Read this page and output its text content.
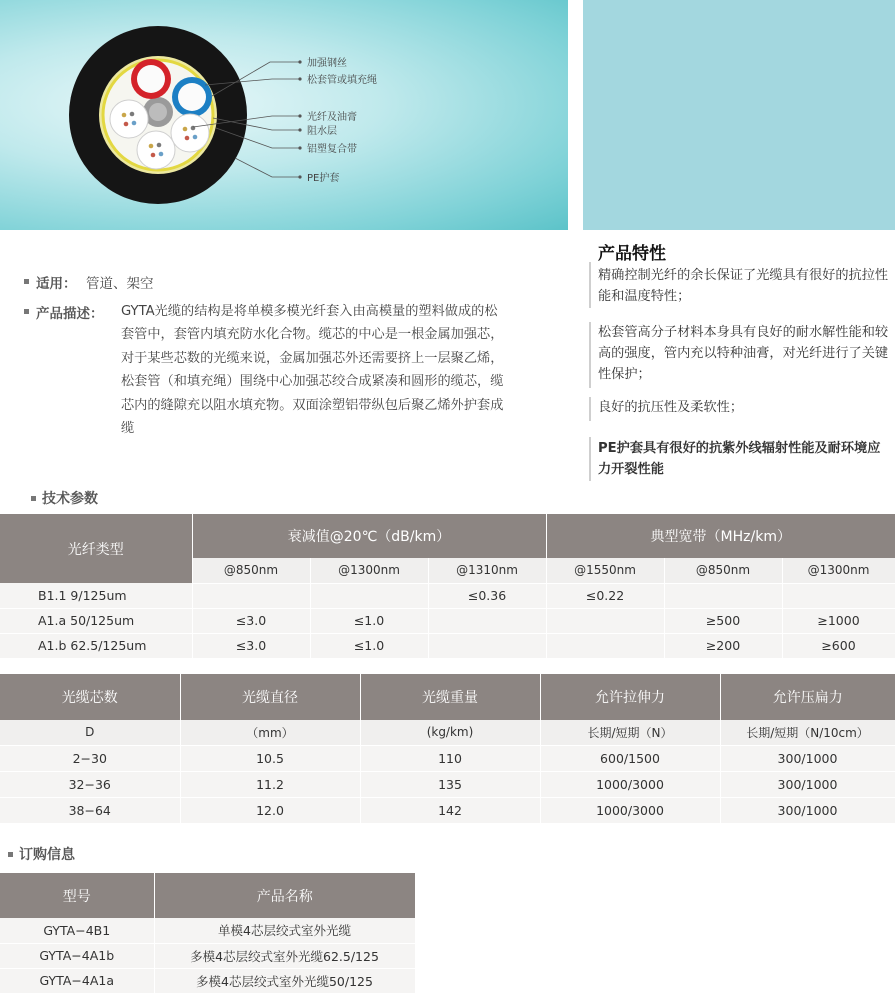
加强钢丝
松套管或填充绳
光纤及油膏
阻水层
铝塑复合带
PE护套
产品特性
精确控制光纤的余长保证了光缆具有很好的抗拉性能和温度特性；
松套管高分子材料本身具有良好的耐水解性能和较高的强度，管内充以特种油膏，对光纤进行了关键性保护；
良好的抗压性及柔软性；
PE护套具有很好的抗紫外线辐射性能及耐环境应力开裂性能
适用： 管道、架空
产品描述： GYTA光缆的结构是将单模多模光纤套入由高模量的塑料做成的松套管中，套管内填充防水化合物。缆芯的中心是一根金属加强芯，对于某些芯数的光缆来说，金属加强芯外还需要挤上一层聚乙烯，松套管（和填充绳）围绕中心加强芯绞合成紧凑和圆形的缆芯，缆芯内的缝隙充以阻水填充物。双面涂塑铝带纵包后聚乙烯外护套成缆
技术参数
光纤类型	衰减值@20℃（dB/km）			典型宽带（MHz/km）		
	@850nm	@1300nm	@1310nm	@1550nm	@850nm	@1300nm
B1.1 9/125um			≤0.36	≤0.22		
A1.a 50/125um	≤3.0	≤1.0			≥500	≥1000
A1.b 62.5/125um	≤3.0	≤1.0			≥200	≥600
光缆芯数	光缆直径	光缆重量	允许拉伸力	允许压扁力
D	（mm）	(kg/km)	长期/短期（N）	长期/短期（N/10cm）
2−30	10.5	110	600/1500	300/1000
32−36	11.2	135	1000/3000	300/1000
38−64	12.0	142	1000/3000	300/1000
订购信息
型号	产品名称
GYTA−4B1	单模4芯层绞式室外光缆
GYTA−4A1b	多模4芯层绞式室外光缆62.5/125
GYTA−4A1a	多模4芯层绞式室外光缆50/125
